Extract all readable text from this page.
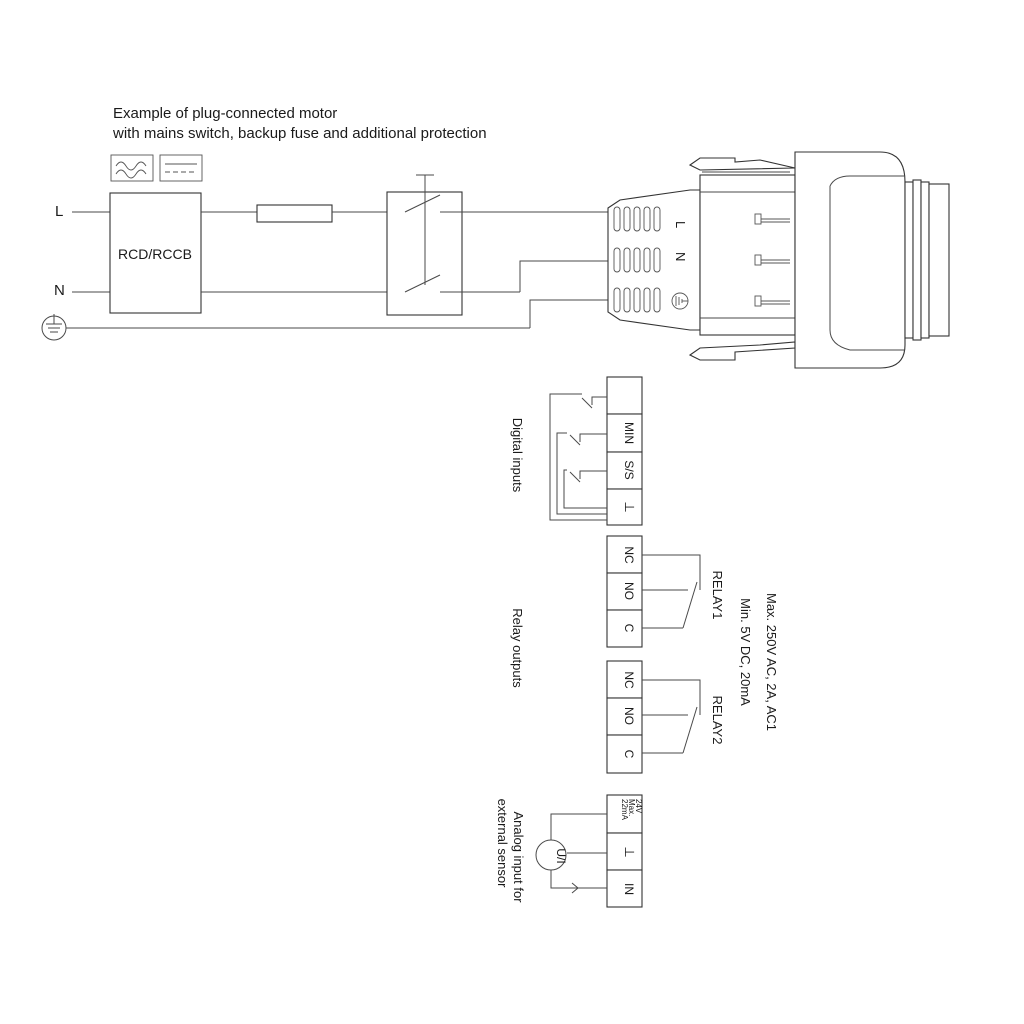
Example of plug-connected motor
with mains switch, backup fuse and additional protection
L
N
RCD/RCCB
L
N
MIN
S/S
⊥
Digital inputs
NC
NO
C
RELAY1
NC
NO
C
RELAY2
Relay outputs	Max. 250V AC, 2A, AC1
Min. 5V DC, 20mA
U/I
24V
Max.
22mA
⊥
IN
Analog input for
external sensor
